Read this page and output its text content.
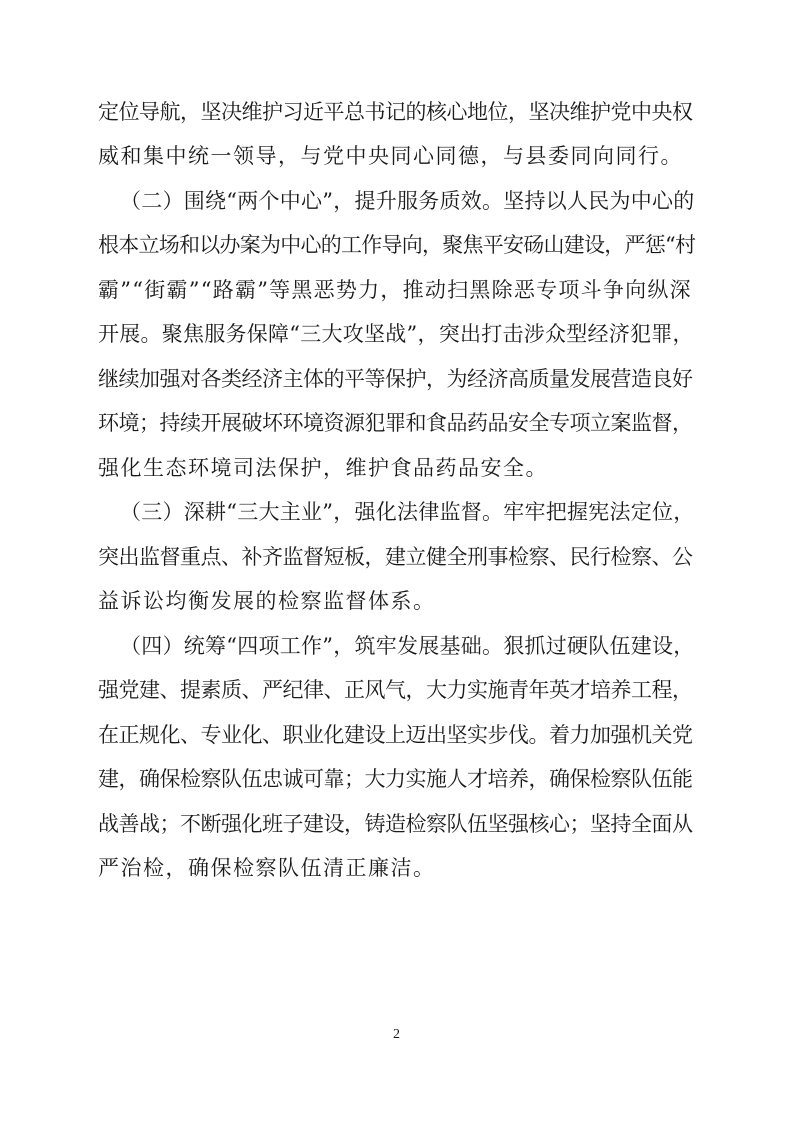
定位导航，坚决维护习近平总书记的核心地位，坚决维护党中央权
威和集中统一领导，与党中央同心同德，与县委同向同行。
（二）围绕“两个中心”，提升服务质效。坚持以人民为中心的
根本立场和以办案为中心的工作导向，聚焦平安砀山建设，严惩“村
霸”“街霸”“路霸”等黑恶势力，推动扫黑除恶专项斗争向纵深
开展。聚焦服务保障“三大攻坚战”，突出打击涉众型经济犯罪，
继续加强对各类经济主体的平等保护，为经济高质量发展营造良好
环境；持续开展破坏环境资源犯罪和食品药品安全专项立案监督，
强化生态环境司法保护，维护食品药品安全。
（三）深耕“三大主业”，强化法律监督。牢牢把握宪法定位，
突出监督重点、补齐监督短板，建立健全刑事检察、民行检察、公
益诉讼均衡发展的检察监督体系。
（四）统筹“四项工作”，筑牢发展基础。狠抓过硬队伍建设，
强党建、提素质、严纪律、正风气，大力实施青年英才培养工程，
在正规化、专业化、职业化建设上迈出坚实步伐。着力加强机关党
建，确保检察队伍忠诚可靠；大力实施人才培养，确保检察队伍能
战善战；不断强化班子建设，铸造检察队伍坚强核心；坚持全面从
严治检，确保检察队伍清正廉洁。
2
